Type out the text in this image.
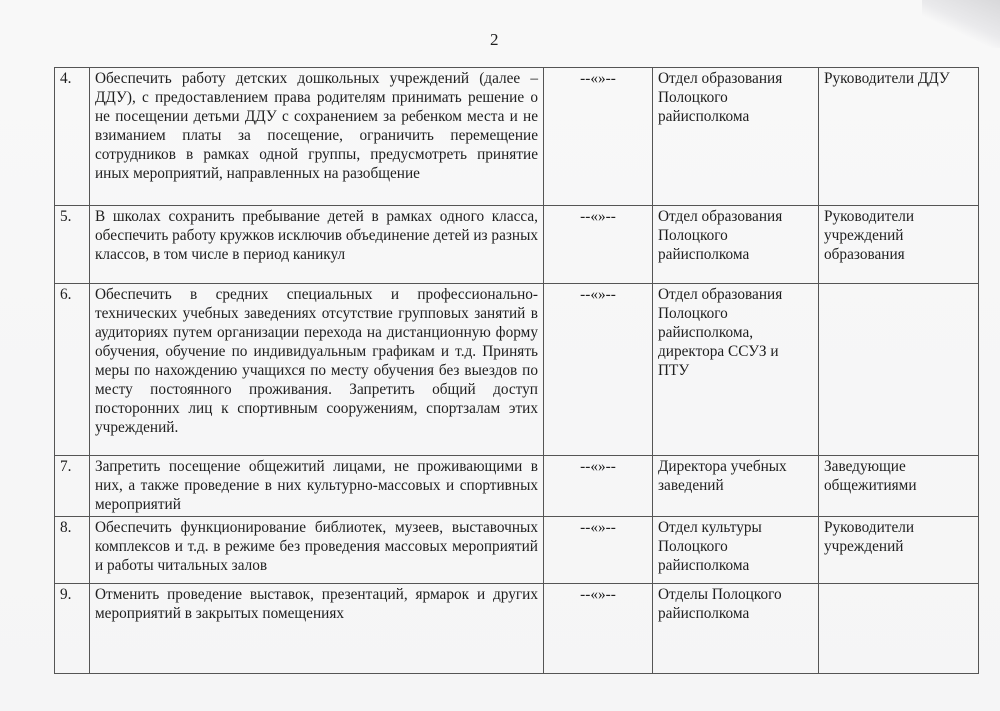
2
4.	Обеспечить работу детских дошкольных учреждений (далее – ДДУ), с предоставлением права родителям принимать решение о не посещении детьми ДДУ с сохранением за ребенком места и не взиманием платы за посещение, ограничить перемещение сотрудников в рамках одной группы, предусмотреть принятие иных мероприятий, направленных на разобщение	--«»--	Отдел образования Полоцкого райисполкома	Руководители ДДУ
5.	В школах сохранить пребывание детей в рамках одного класса, обеспечить работу кружков исключив объединение детей из разных классов, в том числе в период каникул	--«»--	Отдел образования Полоцкого райисполкома	Руководители учреждений образования
6.	Обеспечить в средних специальных и профессионально-технических учебных заведениях отсутствие групповых занятий в аудиториях путем организации перехода на дистанционную форму обучения, обучение по индивидуальным графикам и т.д. Принять меры по нахождению учащихся по месту обучения без выездов по месту постоянного проживания. Запретить общий доступ посторонних лиц к спортивным сооружениям, спортзалам этих учреждений.	--«»--	Отдел образования Полоцкого райисполкома, директора ССУЗ и ПТУ	
7.	Запретить посещение общежитий лицами, не проживающими в них, а также проведение в них культурно-массовых и спортивных мероприятий	--«»--	Директора учебных заведений	Заведующие общежитиями
8.	Обеспечить функционирование библиотек, музеев, выставочных комплексов и т.д. в режиме без проведения массовых мероприятий и работы читальных залов	--«»--	Отдел культуры Полоцкого райисполкома	Руководители учреждений
9.	Отменить проведение выставок, презентаций, ярмарок и других мероприятий в закрытых помещениях	--«»--	Отделы Полоцкого райисполкома	
